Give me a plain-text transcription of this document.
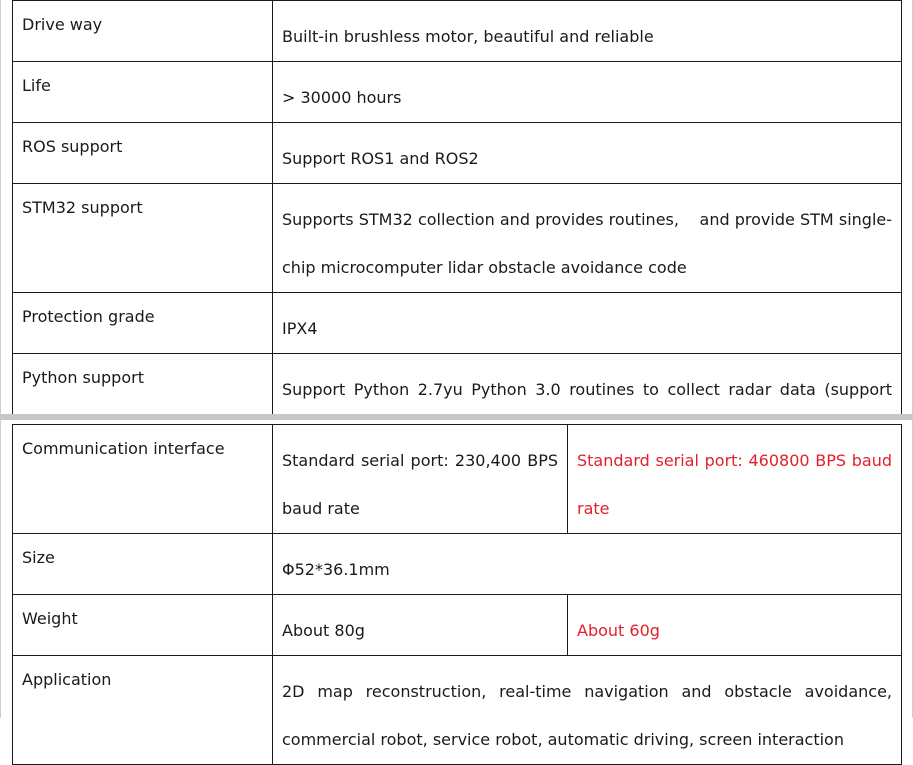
Drive way	Built-in brushless motor, beautiful and reliable
Life	> 30000 hours
ROS support	Support ROS1 and ROS2
STM32 support	Supports STM32 collection and provides routines,    and provide STM single-chip microcomputer lidar obstacle avoidance code
Protection grade	IPX4
Python support	Support Python 2.7yu Python 3.0 routines to collect radar data (support
Communication interface	Standard serial port: 230,400 BPS baud rate	Standard serial port: 460800 BPS baud rate
Size	Φ52*36.1mm	
Weight	About 80g	About 60g
Application	2D map reconstruction, real-time navigation and obstacle avoidance, commercial robot, service robot, automatic driving, screen interaction	
